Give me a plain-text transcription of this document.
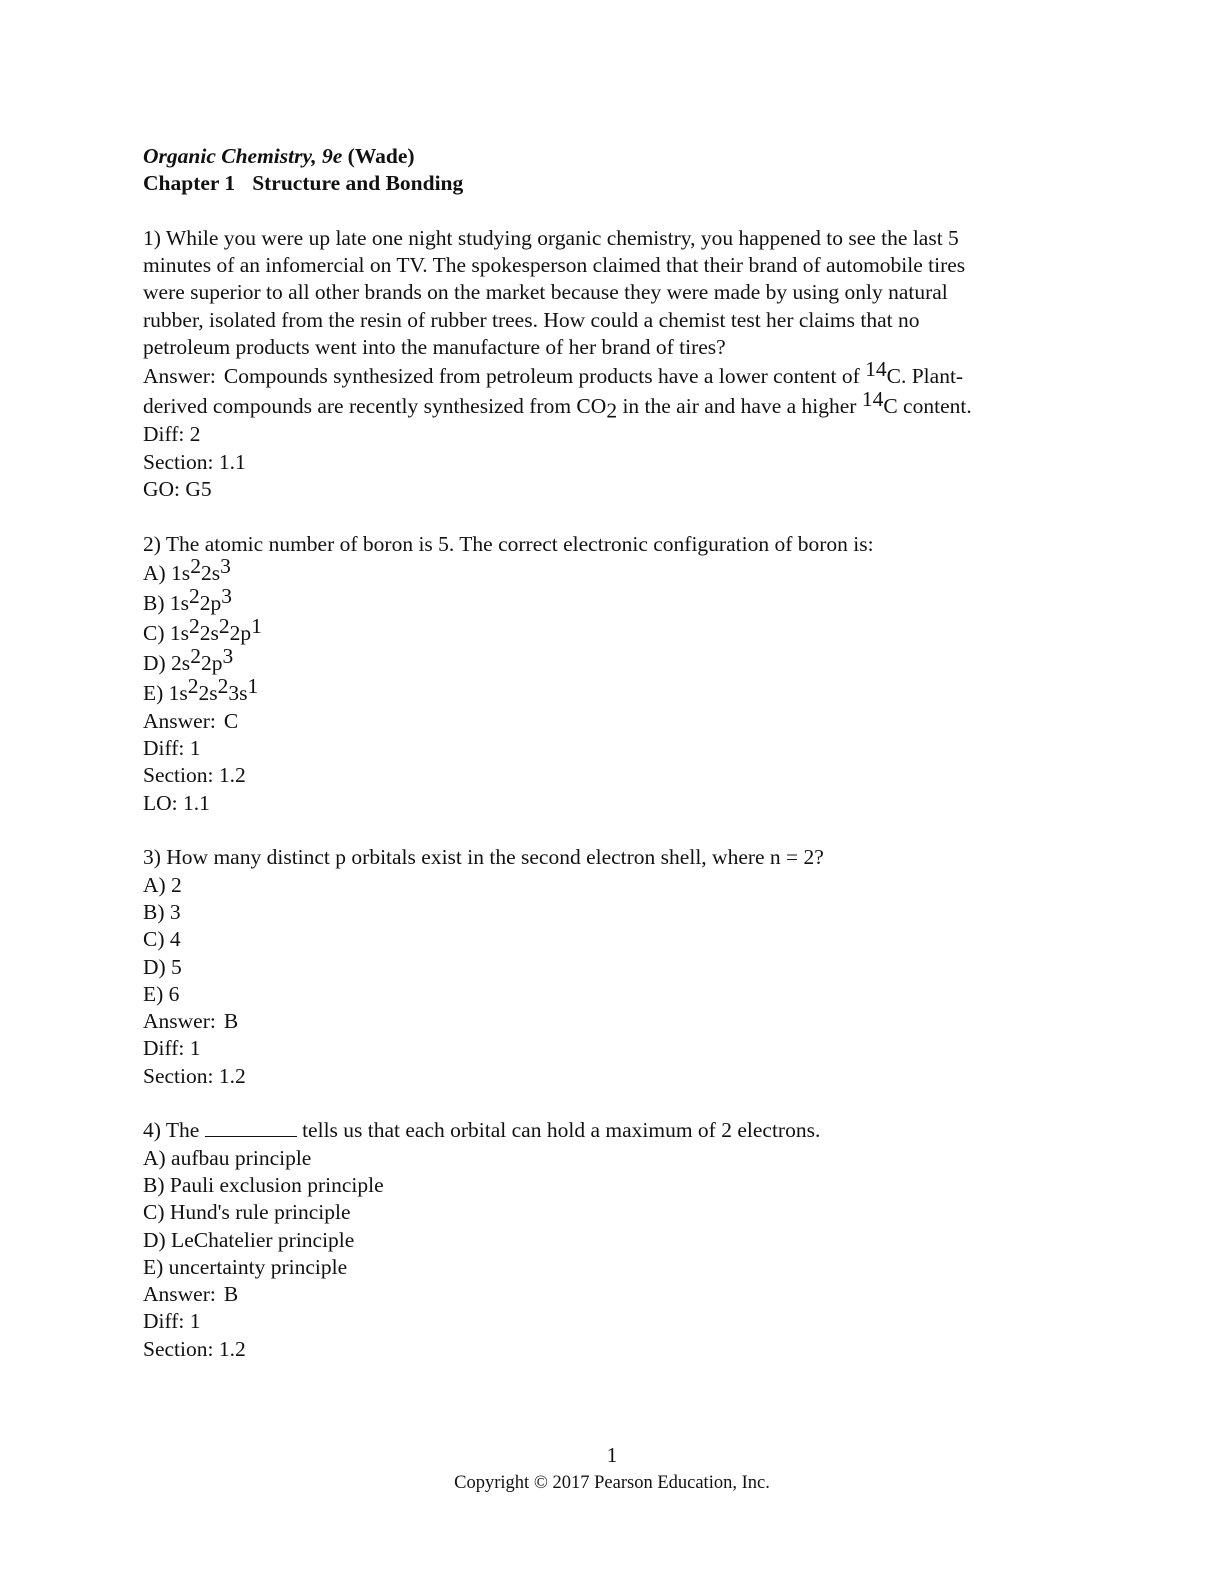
Organic Chemistry, 9e (Wade)
Chapter 1 Structure and Bonding
1) While you were up late one night studying organic chemistry, you happened to see the last 5
minutes of an infomercial on TV. The spokesperson claimed that their brand of automobile tires
were superior to all other brands on the market because they were made by using only natural
rubber, isolated from the resin of rubber trees. How could a chemist test her claims that no
petroleum products went into the manufacture of her brand of tires?
Answer: Compounds synthesized from petroleum products have a lower content of $^{14}$C. Plant-
derived compounds are recently synthesized from $CO_2$ in the air and have a higher $^{14}$C content.
Diff: 2
Section: 1.1
GO: G5
2) The atomic number of boron is 5. The correct electronic configuration of boron is:
A) $1s^22s^3$
B) $1s^22p^3$
C) $1s^22s^22p^1$
D) $2s^22p^3$
E) $1s^22s^23s^1$
Answer: C
Diff: 1
Section: 1.2
LO: 1.1
3) How many distinct p orbitals exist in the second electron shell, where n = 2?
A) 2
B) 3
C) 4
D) 5
E) 6
Answer: B
Diff: 1
Section: 1.2
4) The	tells us that each orbital can hold a maximum of 2 electrons.
A) aufbau principle
B) Pauli exclusion principle
C) Hund's rule principle
D) LeChatelier principle
E) uncertainty principle
Answer: B
Diff: 1
Section: 1.2
1
Copyright © 2017 Pearson Education, Inc.
